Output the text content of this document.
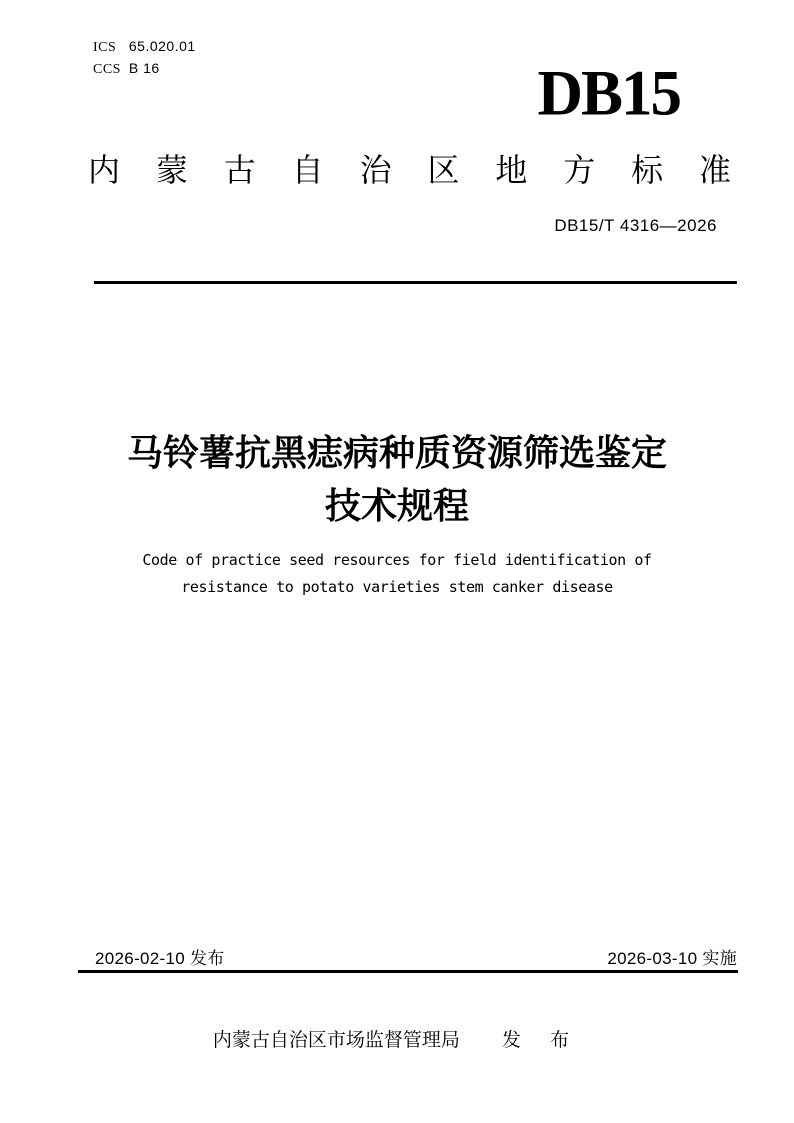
ICS 65.020.01
CCS B 16	DB15
内 蒙 古 自 治 区 地 方 标 准
DB15/T 4316—2026
马铃薯抗黑痣病种质资源筛选鉴定
技术规程
Code of practice seed resources for field identification of
resistance to potato varieties stem canker disease
2026-02-10 发布	2026-03-10 实施
内蒙古自治区市场监督管理局 发 布
